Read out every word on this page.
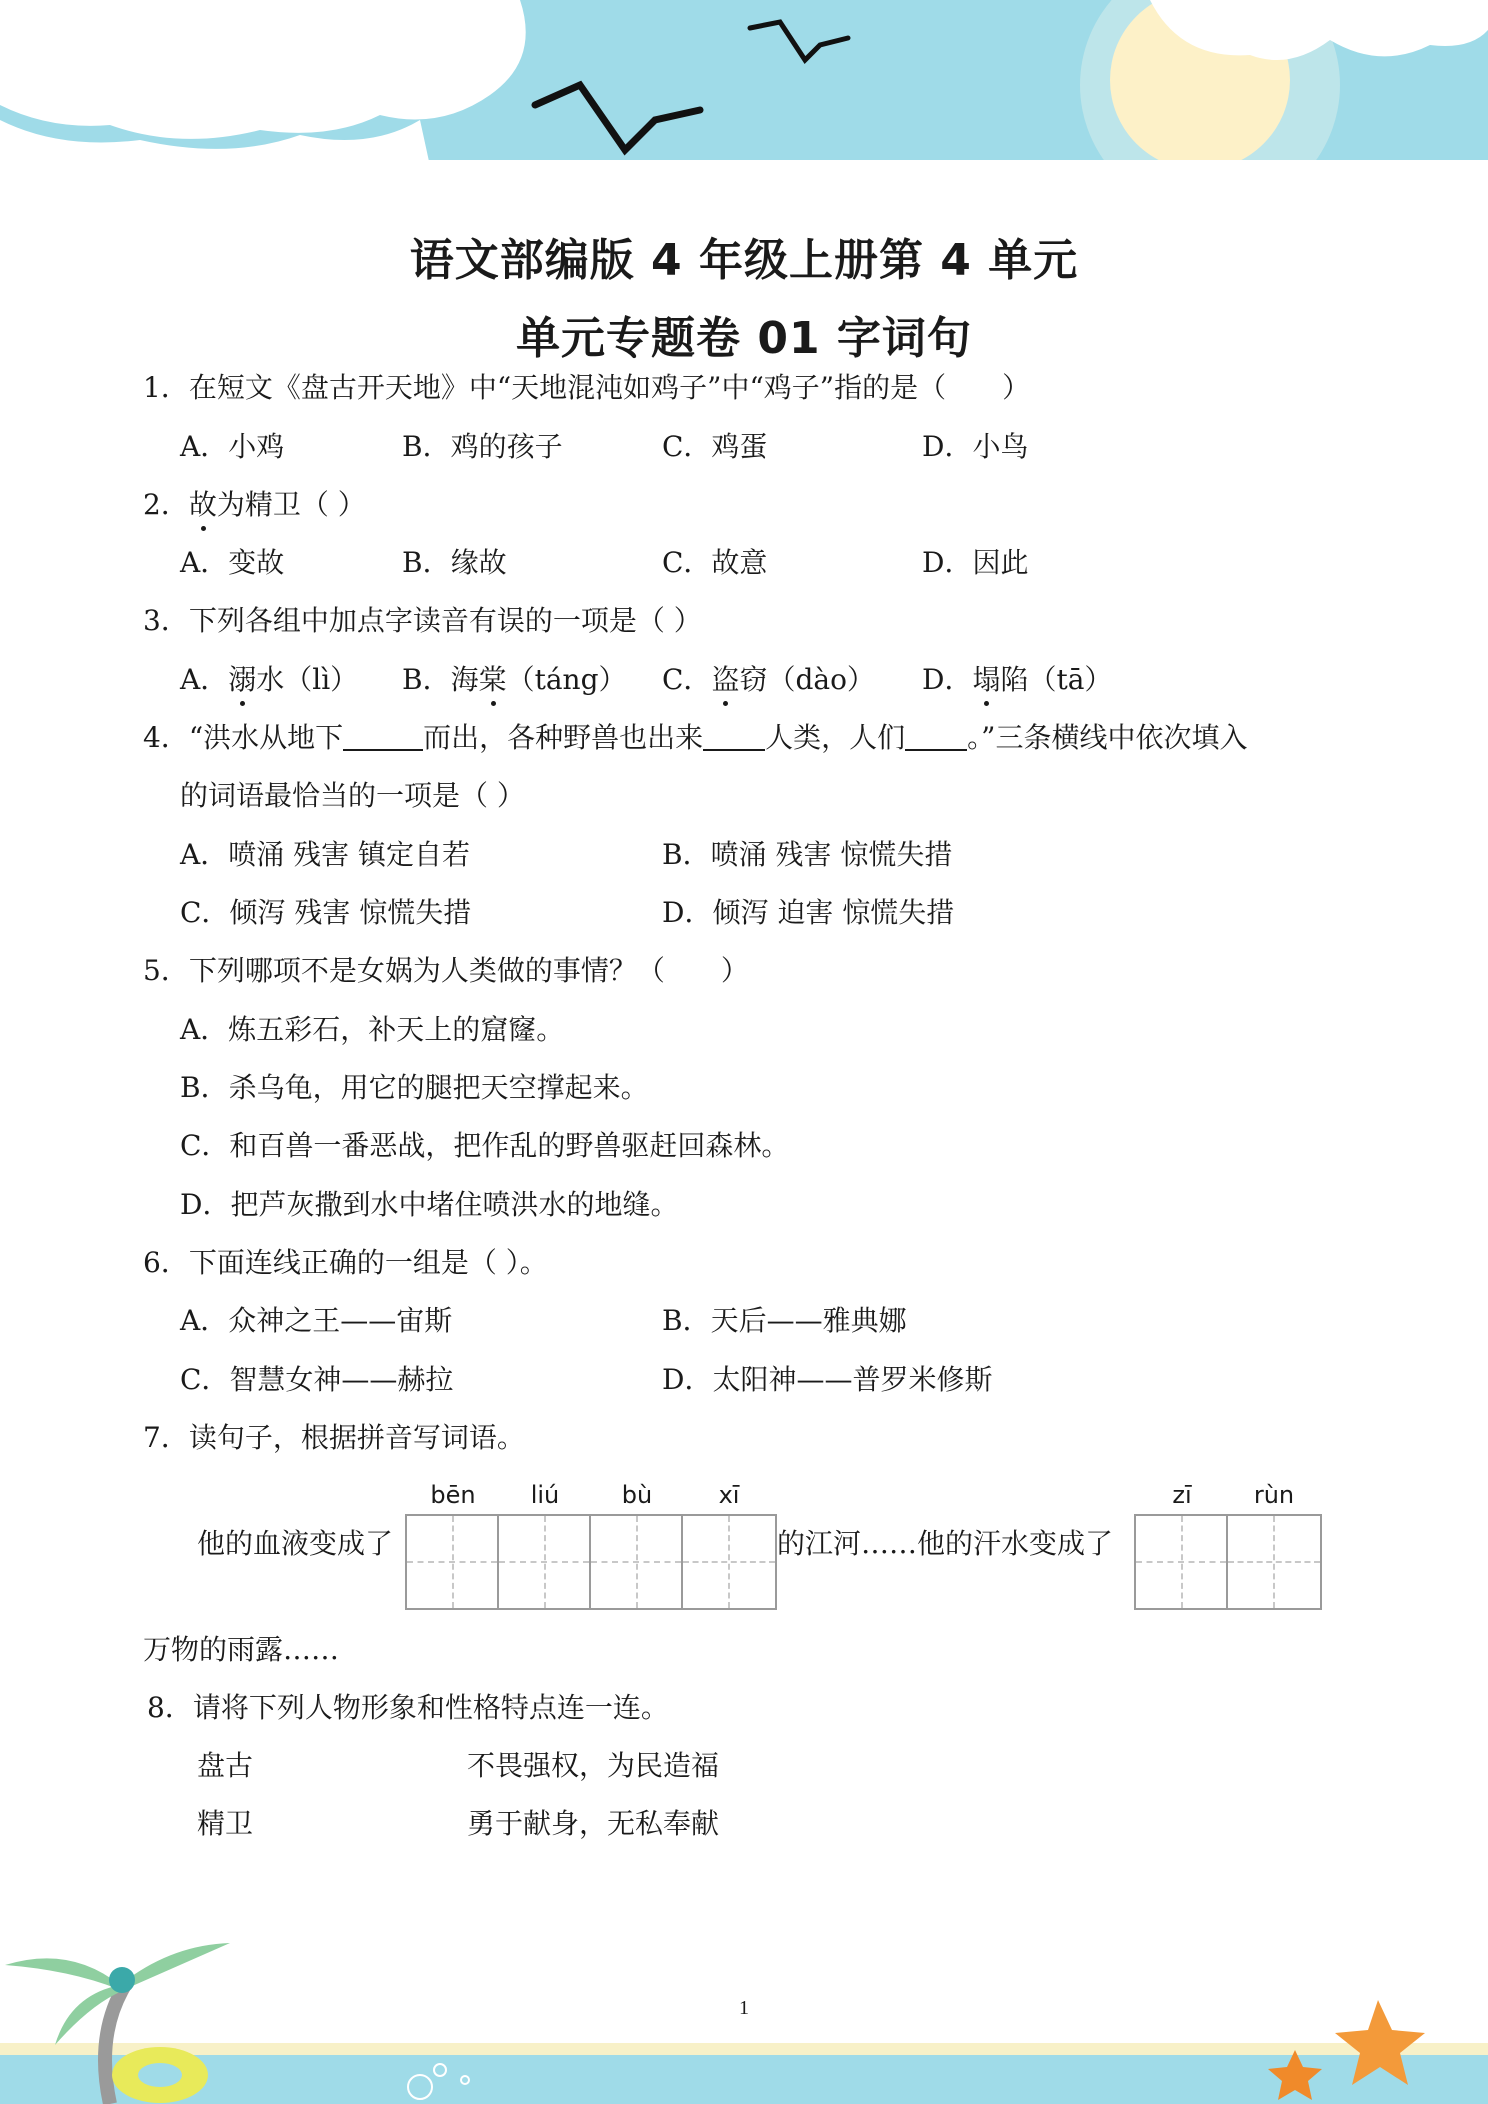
语文部编版 4 年级上册第 4 单元
单元专题卷 01 字词句
1．在短文《盘古开天地》中“天地混沌如鸡子”中“鸡子”指的是（　　）
A．小鸡	B．鸡的孩子	C．鸡蛋	D．小鸟
2．故为精卫（ ）
A．变故	B．缘故	C．故意	D．因此
3．下列各组中加点字读音有误的一项是（ ）
A．溺水（lì） B．海棠（táng） C．盗窃（dào） D．塌陷（tā）
4．“洪水从地下	而出，各种野兽也出来 人类，人们 。”三条横线中依次填入
的词语最恰当的一项是（ ）
A．喷涌 残害 镇定自若	B．喷涌 残害 惊慌失措
C．倾泻 残害 惊慌失措	D．倾泻 迫害 惊慌失措
5．下列哪项不是女娲为人类做的事情？（　　）
A．炼五彩石，补天上的窟窿。
B．杀乌龟，用它的腿把天空撑起来。
C．和百兽一番恶战，把作乱的野兽驱赶回森林。
D．把芦灰撒到水中堵住喷洪水的地缝。
6．下面连线正确的一组是（ ）。
A．众神之王——宙斯	B．天后——雅典娜
C．智慧女神——赫拉	D．太阳神——普罗米修斯
7．读句子，根据拼音写词语。
bēn	liú	bù	xī	zī	rùn
他的血液变成了	的江河……他的汗水变成了
万物的雨露……
8．请将下列人物形象和性格特点连一连。
盘古	不畏强权，为民造福
精卫	勇于献身，无私奉献
1
